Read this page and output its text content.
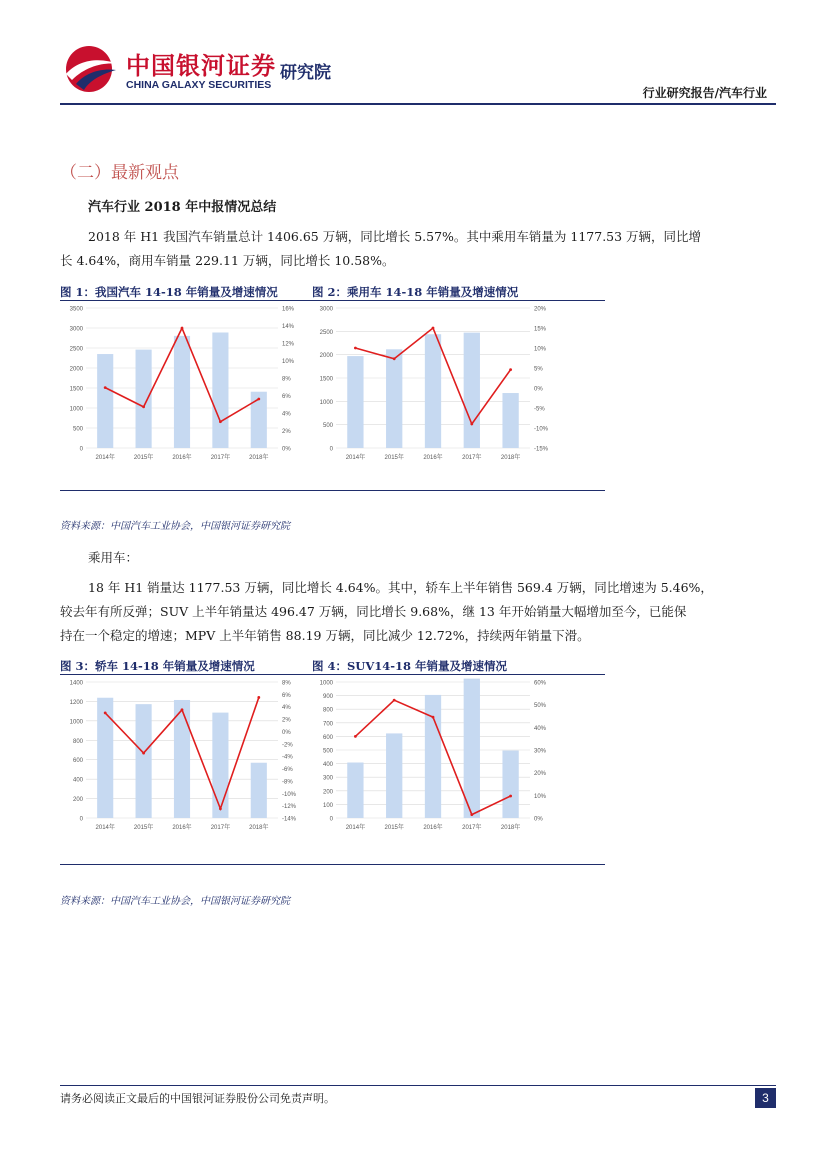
中国银河证券
CHINA GALAXY SECURITIES
研究院
行业研究报告/汽车行业
（二）最新观点
汽车行业 2018 年中报情况总结
2018 年 H1 我国汽车销量总计 1406.65 万辆，同比增长 5.57%。其中乘用车销量为 1177.53 万辆，同比增
长 4.64%，商用车销量 229.11 万辆，同比增长 10.58%。
图 1：我国汽车 14-18 年销量及增速情况	图 2：乘用车 14-18 年销量及增速情况
0
500
1000
1500
2000
2500
3000
3500
0%
2%
4%
6%
8%
10%
12%
14%
16%
2014年	2015年	2016年	2017年	2018年
0
500
1000
1500
2000
2500
3000
-15%
-10%
-5%
0%
5%
10%
15%
20%
2014年	2015年	2016年	2017年	2018年
资料来源：中国汽车工业协会，中国银河证券研究院
乘用车：
18 年 H1 销量达 1177.53 万辆，同比增长 4.64%。其中，轿车上半年销售 569.4 万辆，同比增速为 5.46%，
较去年有所反弹；SUV 上半年销量达 496.47 万辆，同比增长 9.68%，继 13 年开始销量大幅增加至今，已能保
持在一个稳定的增速；MPV 上半年销售 88.19 万辆，同比减少 12.72%，持续两年销量下滑。
图 3：轿车 14-18 年销量及增速情况	图 4：SUV14-18 年销量及增速情况
0
200
400
600
800
1000
1200
1400
-14%
-12%
-10%
-8%
-6%
-4%
-2%
0%
2%
4%
6%
8%
2014年	2015年	2016年	2017年	2018年
0
100
200
300
400
500
600
700
800
900
1000
0%
10%
20%
30%
40%
50%
60%
2014年	2015年	2016年	2017年	2018年
资料来源：中国汽车工业协会，中国银河证券研究院
请务必阅读正文最后的中国银河证券股份公司免责声明。	3
